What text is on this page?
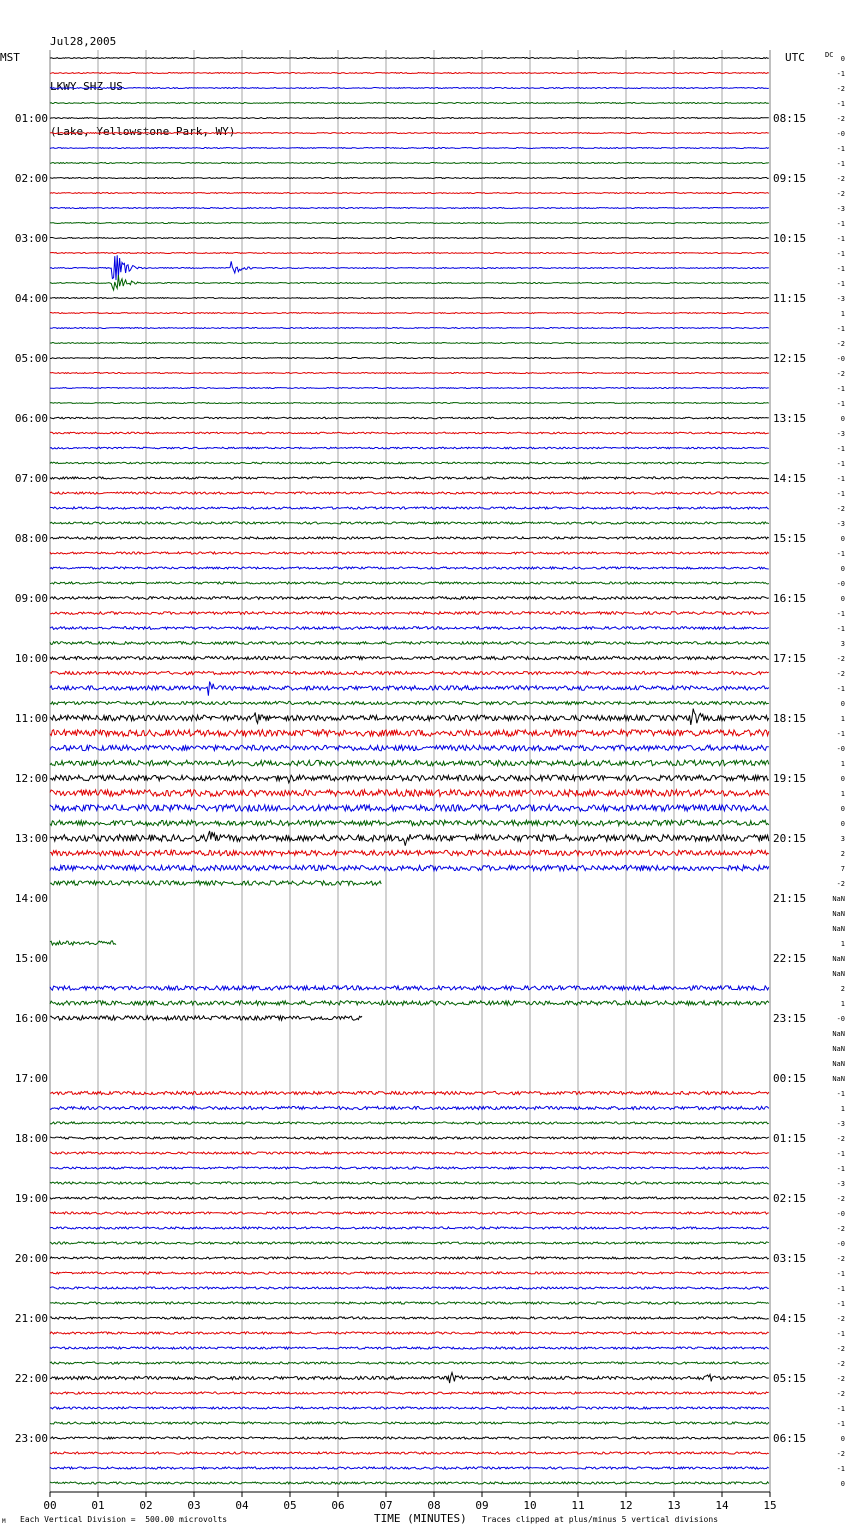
Jul28,2005

LKWY SHZ US

(Lake, Yellowstone Park, WY)

01:00
02:00
03:00
04:00
05:00
06:00
07:00
08:00
09:00
10:00
11:00
12:00
13:00
14:00
15:00
16:00
17:00
18:00
19:00
20:00
21:00
22:00
23:00
08:15
09:15
10:15
11:15
12:15
13:15
14:15
15:15
16:15
17:15
18:15
19:15
20:15
21:15
22:15
23:15
00:15
01:15
02:15
03:15
04:15
05:15
06:15
0
-1
-2
-1
-2
-0
-1
-1
-2
-2
-3
-1
-1
-1
-1
-1
-3
1
-1
-2
-0
-2
-1
-1
0
-3
-1
-1
-1
-1
-2
-3
0
-1
0
-0
0
-1
-1
3
-2
-2
-1
0
1
-1
-0
1
0
1
0
0
3
2
7
-2
NaN
NaN
NaN
1
NaN
NaN
2
1
-0
NaN
NaN
NaN
NaN
-1
1
-3
-2
-1
-1
-3
-2
-0
-2
-0
-2
-1
-1
-1
-2
-1
-2
-2
-2
-2
-1
-1
0
-2
-1
0
00	01	02	03	04	05	06	07	08	09	10	11	12	13	14	15
MST	UTC	DC
M Each Vertical Division =  500.00 microvolts	TIME (MINUTES) Traces clipped at plus/minus 5 vertical divisions
